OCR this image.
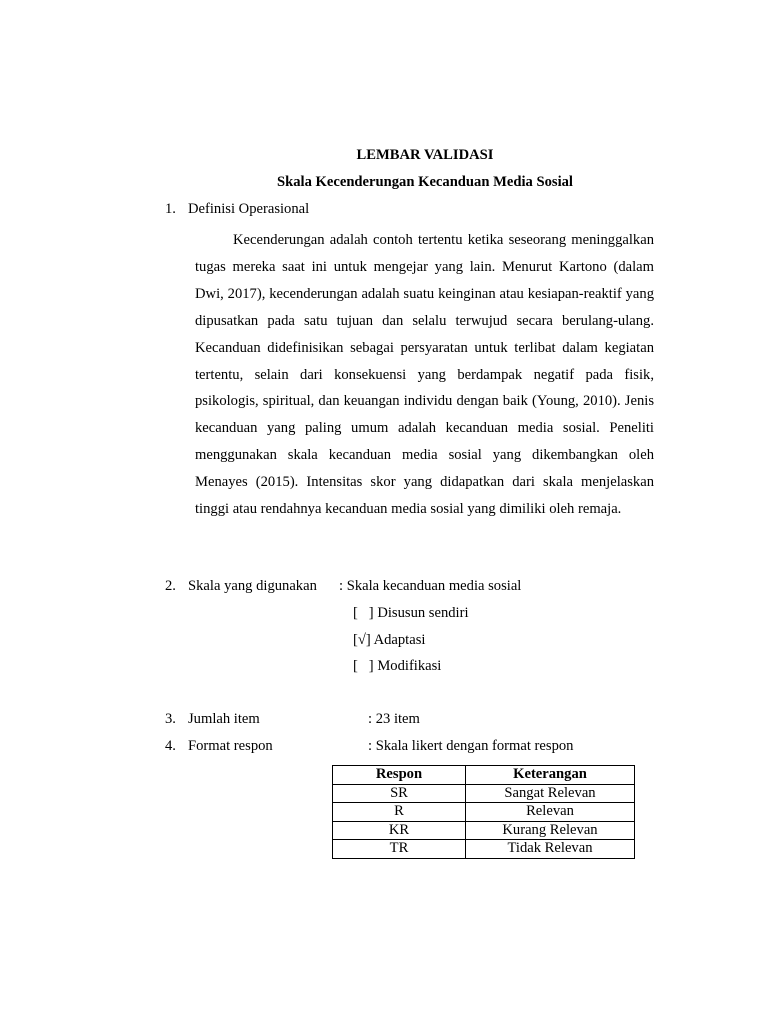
LEMBAR VALIDASI
Skala Kecenderungan Kecanduan Media Sosial
1. Definisi Operasional
Kecenderungan adalah contoh tertentu ketika seseorang meninggalkan tugas mereka saat ini untuk mengejar yang lain. Menurut Kartono (dalam Dwi, 2017), kecenderungan adalah suatu keinginan atau kesiapan-reaktif yang dipusatkan pada satu tujuan dan selalu terwujud secara berulang-ulang. Kecanduan didefinisikan sebagai persyaratan untuk terlibat dalam kegiatan tertentu, selain dari konsekuensi yang berdampak negatif pada fisik, psikologis, spiritual, dan keuangan individu dengan baik (Young, 2010). Jenis kecanduan yang paling umum adalah kecanduan media sosial. Peneliti menggunakan skala kecanduan media sosial yang dikembangkan oleh Menayes (2015). Intensitas skor yang didapatkan dari skala menjelaskan tinggi atau rendahnya kecanduan media sosial yang dimiliki oleh remaja.
2. Skala yang digunakan : Skala kecanduan media sosial
[   ] Disusun sendiri
[√] Adaptasi
[   ] Modifikasi
3. Jumlah item	: 23 item
4. Format respon	: Skala likert dengan format respon
Respon	Keterangan
SR	Sangat Relevan
R	Relevan
KR	Kurang Relevan
TR	Tidak Relevan
